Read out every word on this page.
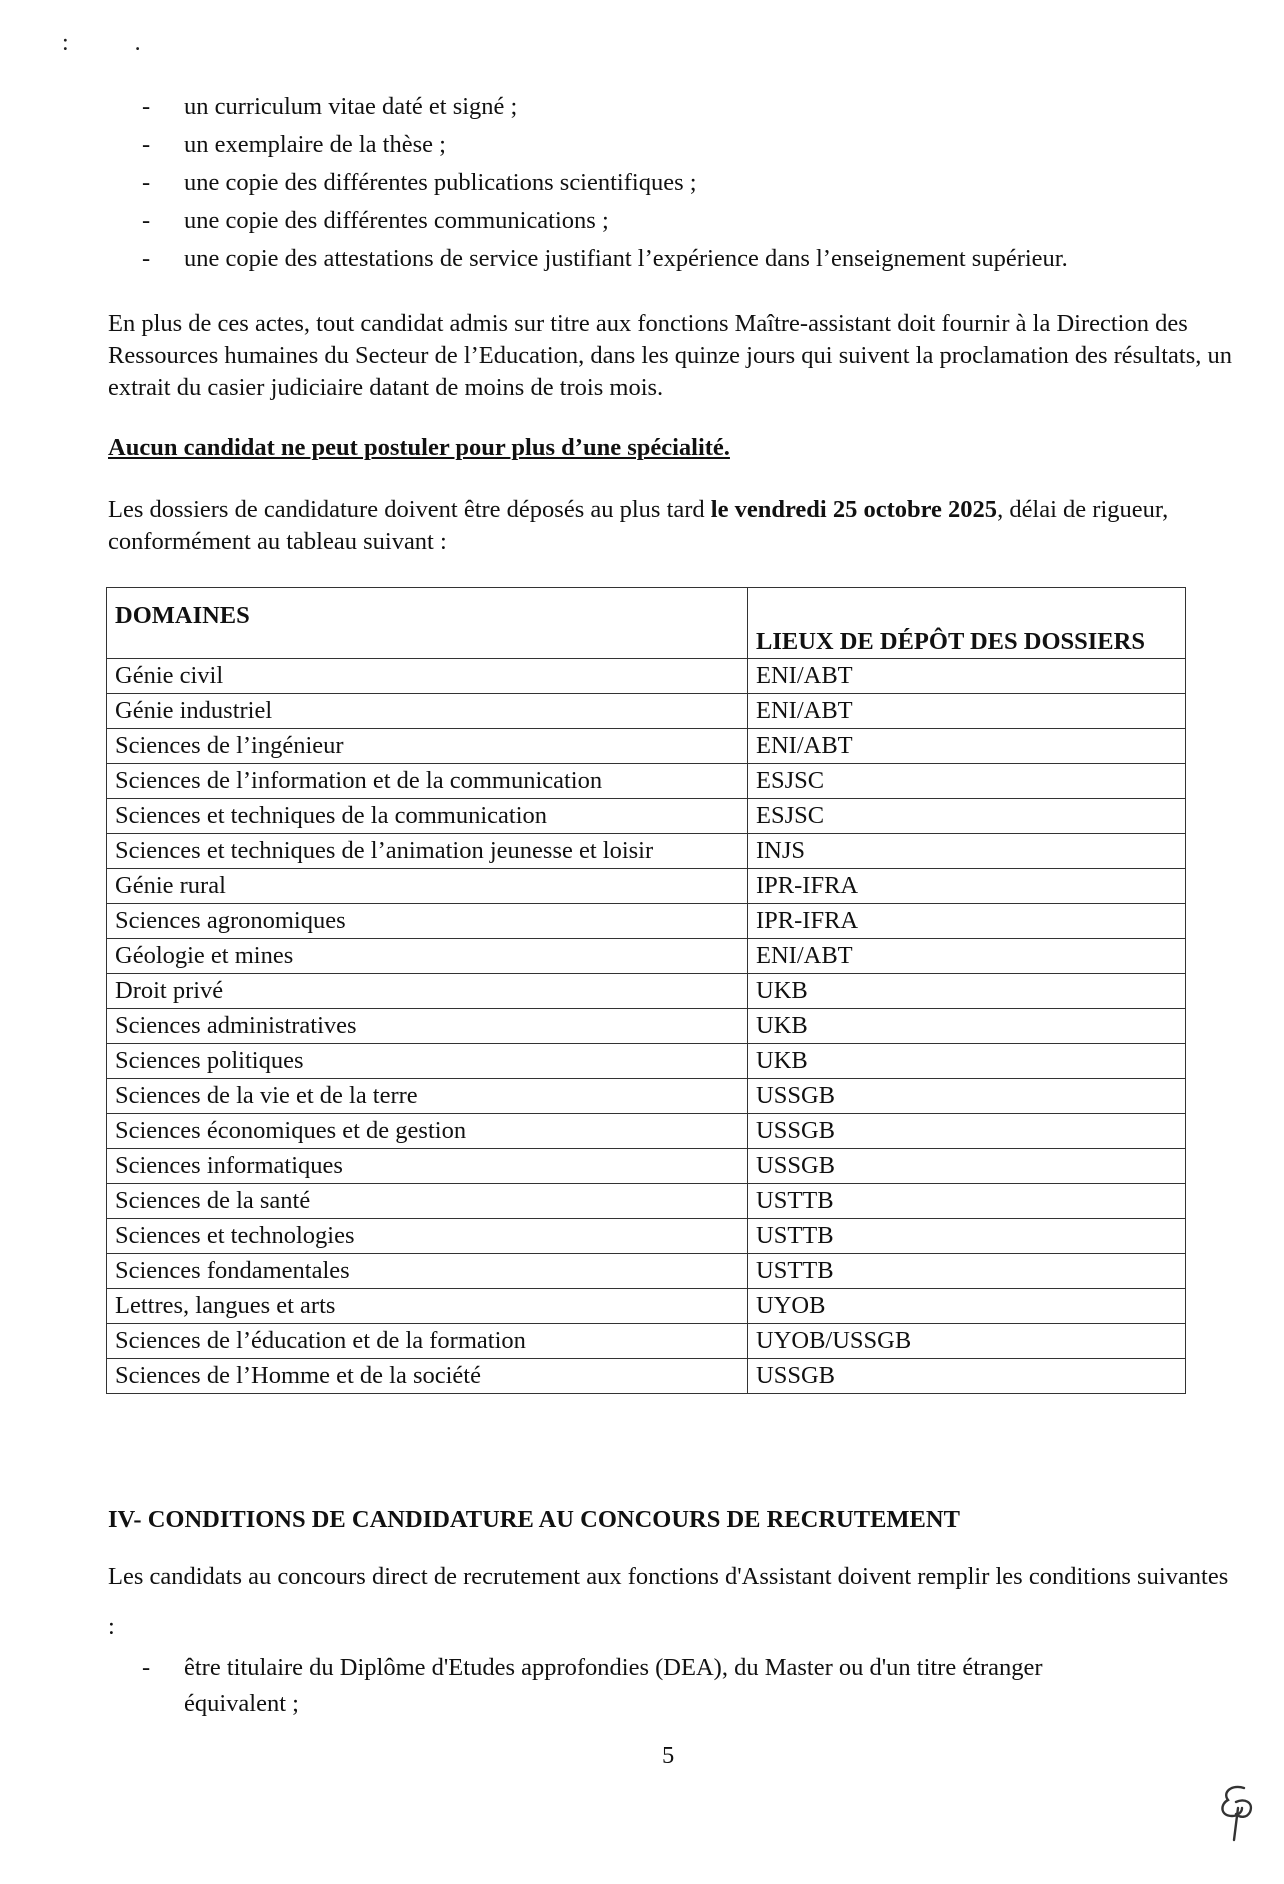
:	.
-	un curriculum vitae daté et signé ;
-	un exemplaire de la thèse ;
-	une copie des différentes publications scientifiques ;
-	une copie des différentes communications ;
-	une copie des attestations de service justifiant l’expérience dans l’enseignement supérieur.
En plus de ces actes, tout candidat admis sur titre aux fonctions Maître-assistant doit fournir à la Direction des Ressources humaines du Secteur de l’Education, dans les quinze jours qui suivent la proclamation des résultats, un extrait du casier judiciaire datant de moins de trois mois.
Aucun candidat ne peut postuler pour plus d’une spécialité.
Les dossiers de candidature doivent être déposés au plus tard le vendredi 25 octobre 2025, délai de rigueur, conformément au tableau suivant :
DOMAINES	LIEUX DE DÉPÔT DES DOSSIERS
Génie civil	ENI/ABT
Génie industriel	ENI/ABT
Sciences de l’ingénieur	ENI/ABT
Sciences de l’information et de la communication	ESJSC
Sciences et techniques de la communication	ESJSC
Sciences et techniques de l’animation jeunesse et loisir	INJS
Génie rural	IPR-IFRA
Sciences agronomiques	IPR-IFRA
Géologie et mines	ENI/ABT
Droit privé	UKB
Sciences administratives	UKB
Sciences politiques	UKB
Sciences de la vie et de la terre	USSGB
Sciences économiques et de gestion	USSGB
Sciences informatiques	USSGB
Sciences de la santé	USTTB
Sciences et technologies	USTTB
Sciences fondamentales	USTTB
Lettres, langues et arts	UYOB
Sciences de l’éducation et de la formation	UYOB/USSGB
Sciences de l’Homme et de la société	USSGB
IV- CONDITIONS DE CANDIDATURE AU CONCOURS DE RECRUTEMENT
Les candidats au concours direct de recrutement aux fonctions d'Assistant doivent remplir les conditions suivantes :
-	être titulaire du Diplôme d'Etudes approfondies (DEA), du Master ou d'un titre étranger équivalent ;
5
